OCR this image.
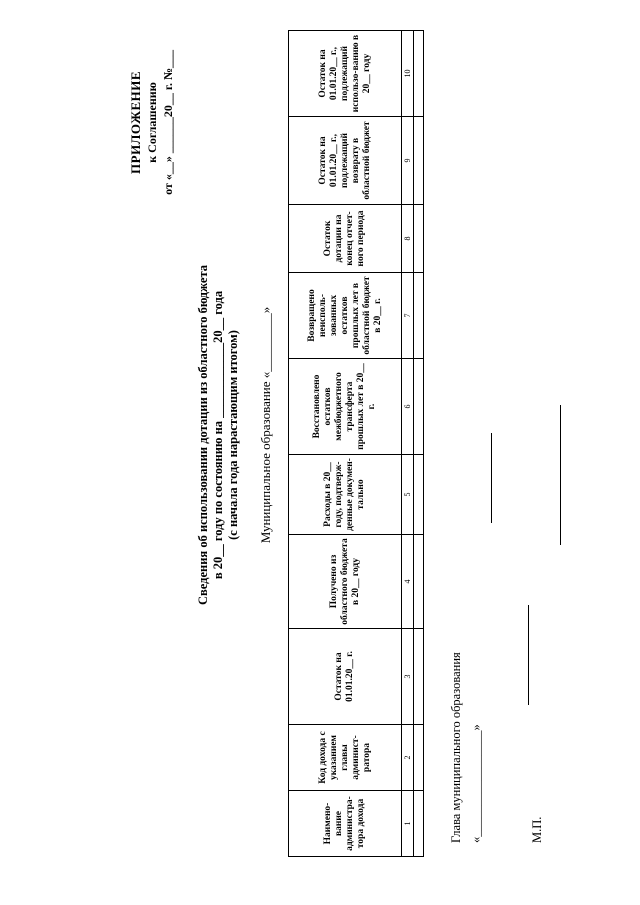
ПРИЛОЖЕНИЕ к Соглашению от «__» ______20__ г. №___
Сведения об использовании дотации из областного бюджета в 20__ году по состоянию на ____________20__ года (с начала года нарастающим итогом) Муниципальное образование «_________»
Наимено-вание администра-тора дохода	Код дохода с указанием главы админист-ратора	Остаток на 01.01.20__ г.	Получено из областного бюджета в 20__ году	Расходы в 20__ году, подтверж-денные докумен-тально	Восстановлено остатков межбюджетного трансферта прошлых лет в 20__ г.	Возвращено неисполь-зованных остатков прошлых лет в областной бюджет в 20__ г.	Остаток дотации на конец отчет-ного периода	Остаток на 01.01.20__ г., подлежащий возврату в областной бюджет	Остаток на 01.01.20__ г., подлежащий использо-ванию в 20__ году
1	2	3	4	5	6	7	8	9	10

Глава муниципального образования «_________________»	М.П.
